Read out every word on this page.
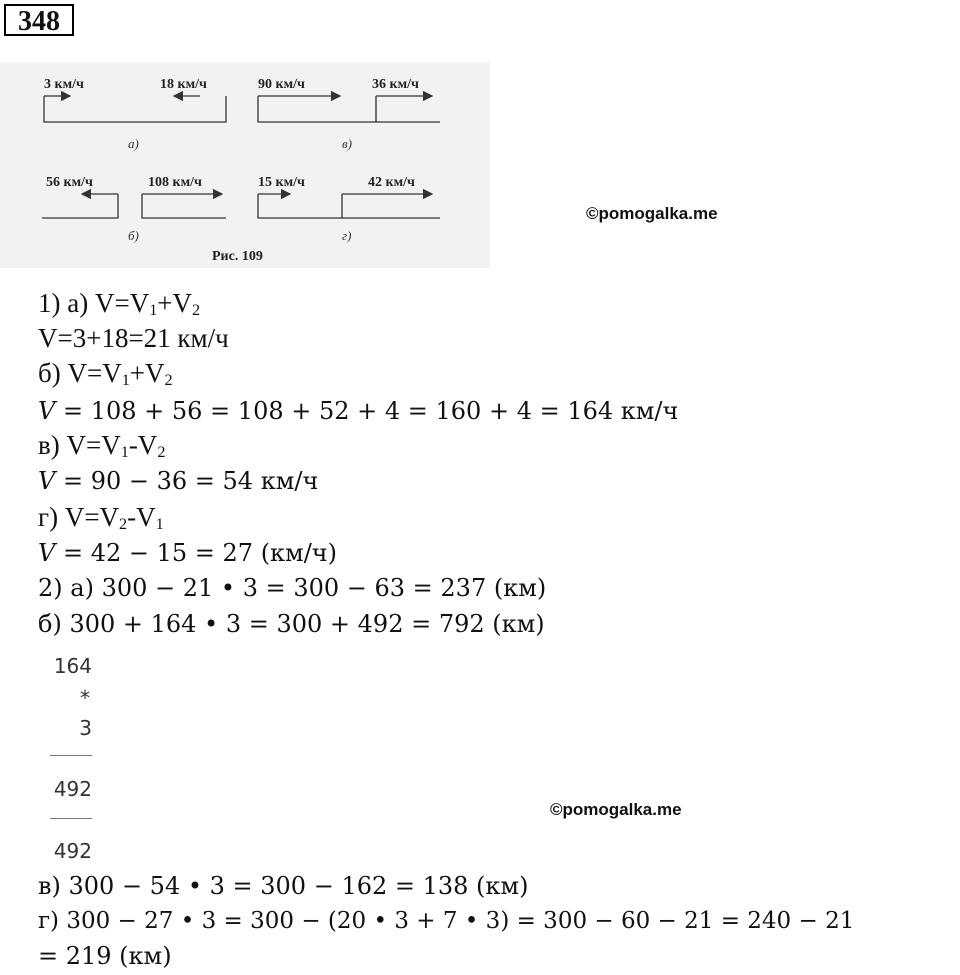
348
3 км/ч	18 км/ч
а)
90 км/ч	36 км/ч
в)
56 км/ч	108 км/ч
б)
15 км/ч	42 км/ч
г)
Рис. 109
©pomogalka.me
1) а) $V=V_1+V_2$
V=3+18=21 км/ч
б) $V=V_1+V_2$
V = 108 + 56 = 108 + 52 + 4 = 160 + 4 = 164 км/ч
в) $V=V_1-V_2$
V = 90 − 36 = 54 км/ч
г) $V=V_2-V_1$
V = 42 − 15 = 27 (км/ч)
2) а) 300 − 21 • 3 = 300 − 63 = 237 (км)
б) 300 + 164 • 3 = 300 + 492 = 792 (км)
164
*
3
492
492
©pomogalka.me
в) 300 − 54 • 3 = 300 − 162 = 138 (км)
г) 300 − 27 • 3 = 300 − (20 • 3 + 7 • 3) = 300 − 60 − 21 = 240 − 21
= 219 (км)
